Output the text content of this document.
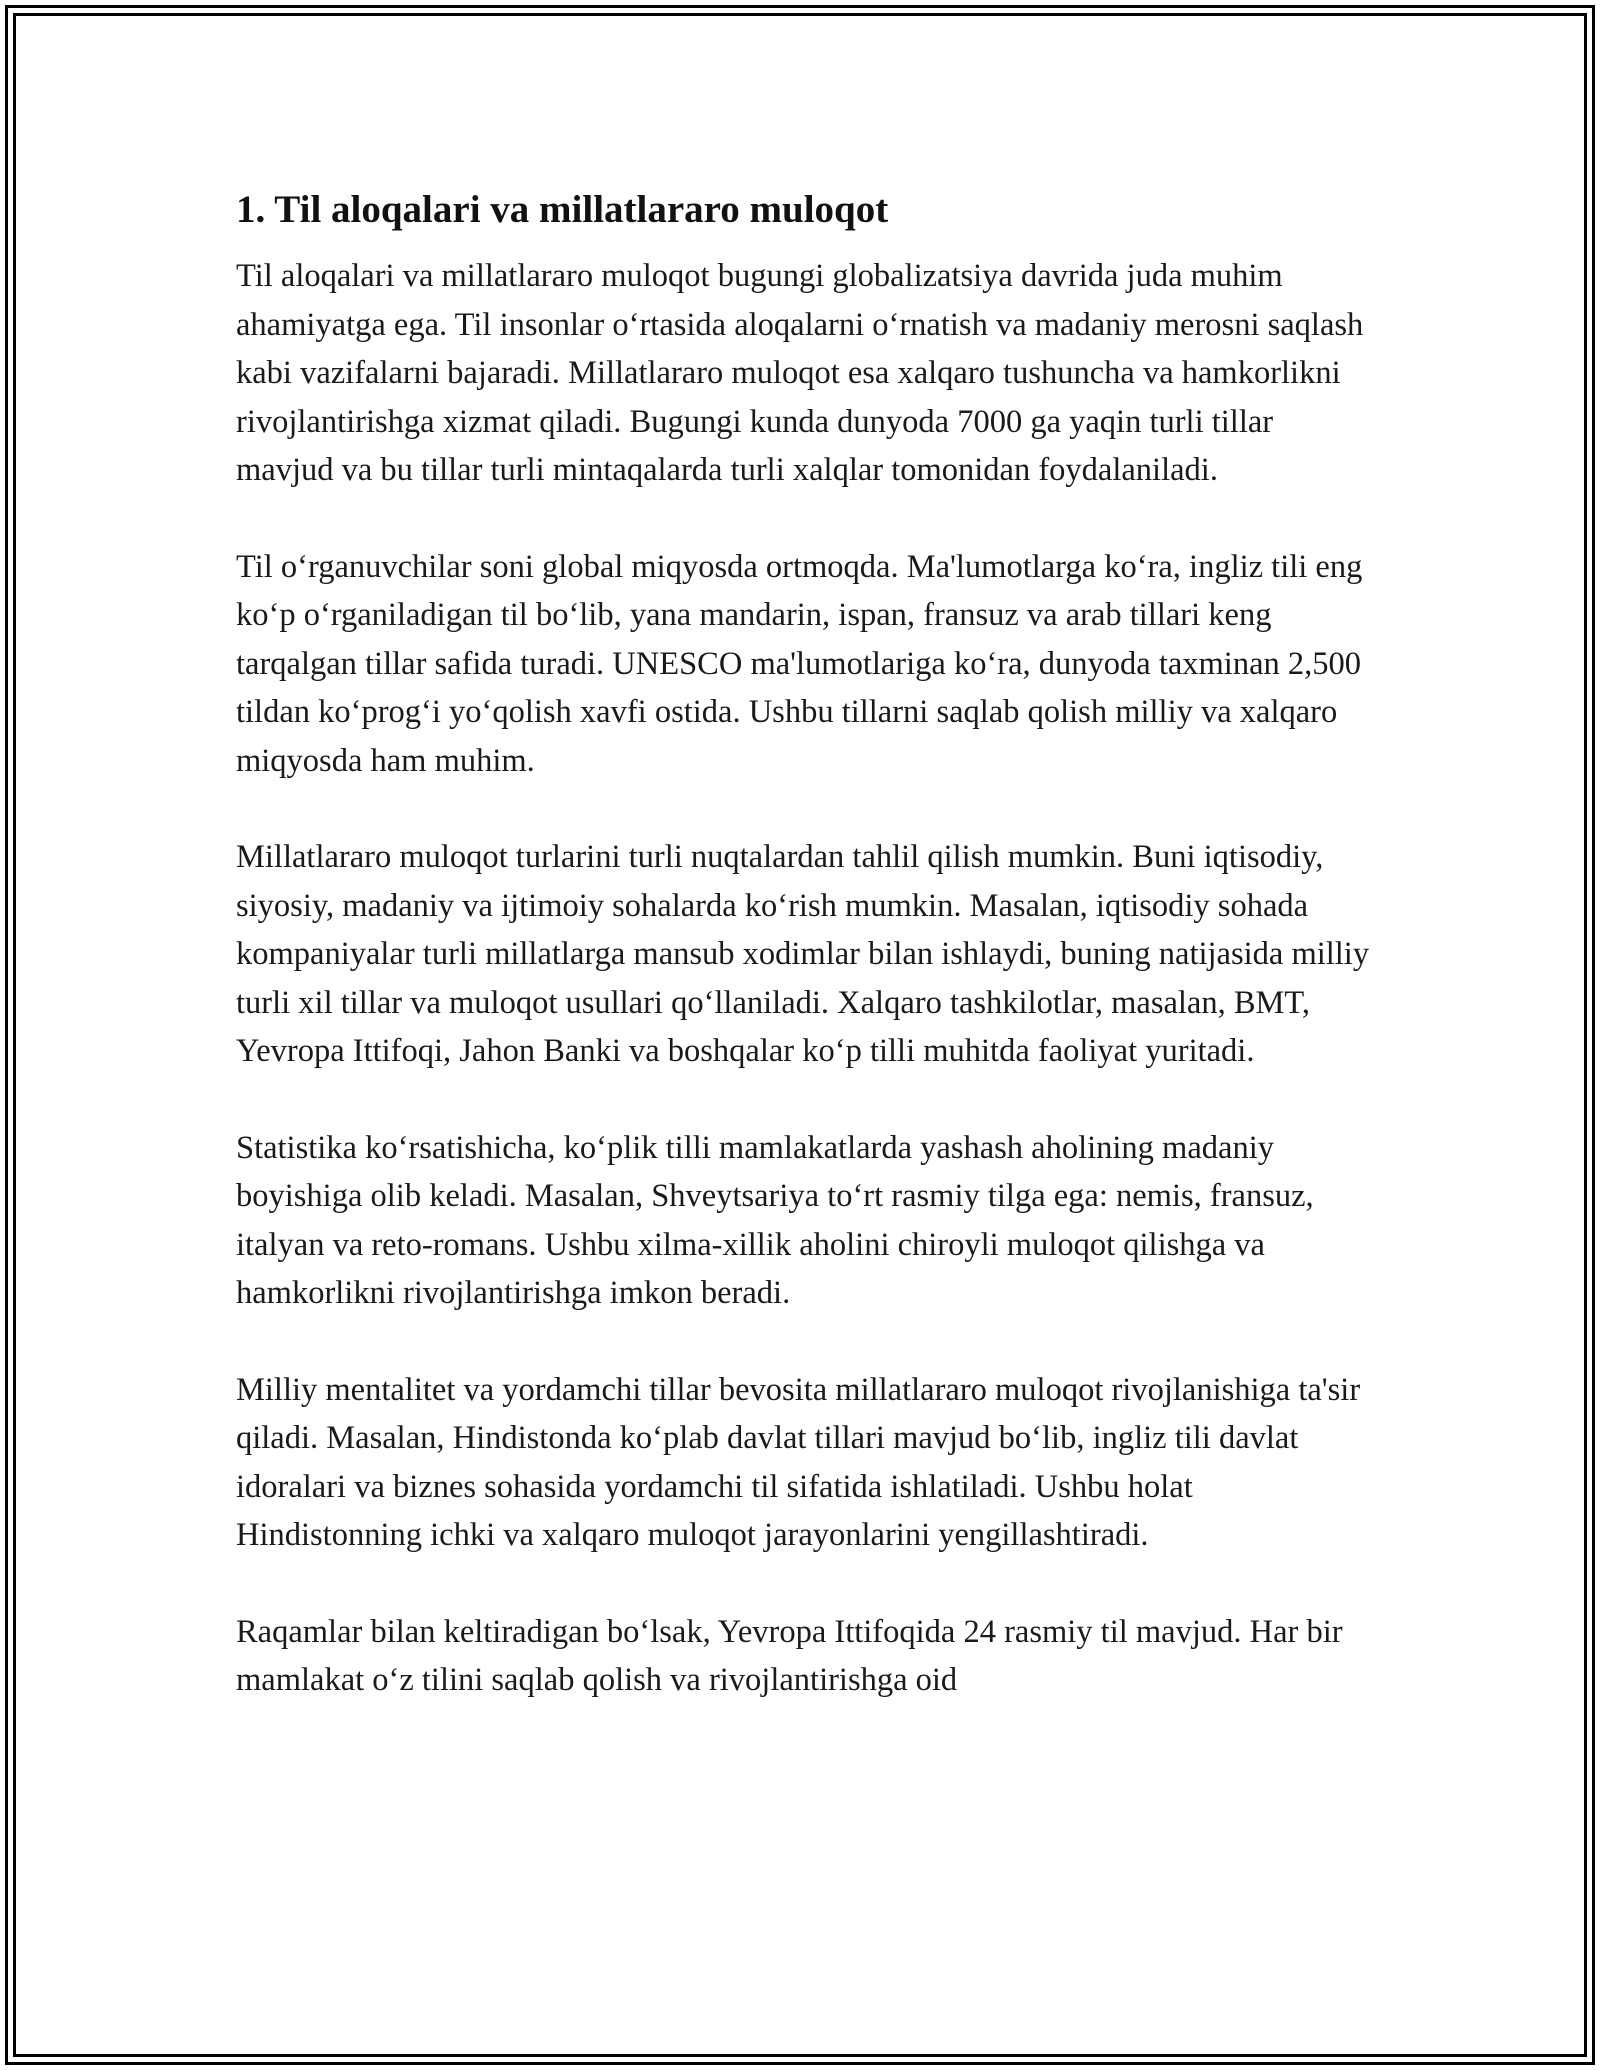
1. Til aloqalari va millatlararo muloqot

Til aloqalari va millatlararo muloqot bugungi globalizatsiya davrida juda muhim ahamiyatga ega. Til insonlar oʻrtasida aloqalarni oʻrnatish va madaniy merosni saqlash kabi vazifalarni bajaradi. Millatlararo muloqot esa xalqaro tushuncha va hamkorlikni rivojlantirishga xizmat qiladi. Bugungi kunda dunyoda 7000 ga yaqin turli tillar mavjud va bu tillar turli mintaqalarda turli xalqlar tomonidan foydalaniladi.

Til oʻrganuvchilar soni global miqyosda ortmoqda. Ma'lumotlarga koʻra, ingliz tili eng koʻp oʻrganiladigan til boʻlib, yana mandarin, ispan, fransuz va arab tillari keng tarqalgan tillar safida turadi. UNESCO ma'lumotlariga koʻra, dunyoda taxminan 2,500 tildan koʻprogʻi yoʻqolish xavfi ostida. Ushbu tillarni saqlab qolish milliy va xalqaro miqyosda ham muhim.

Millatlararo muloqot turlarini turli nuqtalardan tahlil qilish mumkin. Buni iqtisodiy, siyosiy, madaniy va ijtimoiy sohalarda koʻrish mumkin. Masalan, iqtisodiy sohada kompaniyalar turli millatlarga mansub xodimlar bilan ishlaydi, buning natijasida milliy turli xil tillar va muloqot usullari qoʻllaniladi. Xalqaro tashkilotlar, masalan, BMT, Yevropa Ittifoqi, Jahon Banki va boshqalar koʻp tilli muhitda faoliyat yuritadi.

Statistika koʻrsatishicha, koʻplik tilli mamlakatlarda yashash aholining madaniy boyishiga olib keladi. Masalan, Shveytsariya toʻrt rasmiy tilga ega: nemis, fransuz, italyan va reto-romans. Ushbu xilma-xillik aholini chiroyli muloqot qilishga va hamkorlikni rivojlantirishga imkon beradi.

Milliy mentalitet va yordamchi tillar bevosita millatlararo muloqot rivojlanishiga ta'sir qiladi. Masalan, Hindistonda koʻplab davlat tillari mavjud boʻlib, ingliz tili davlat idoralari va biznes sohasida yordamchi til sifatida ishlatiladi. Ushbu holat Hindistonning ichki va xalqaro muloqot jarayonlarini yengillashtiradi.

Raqamlar bilan keltiradigan boʻlsak, Yevropa Ittifoqida 24 rasmiy til mavjud. Har bir mamlakat oʻz tilini saqlab qolish va rivojlantirishga oid
